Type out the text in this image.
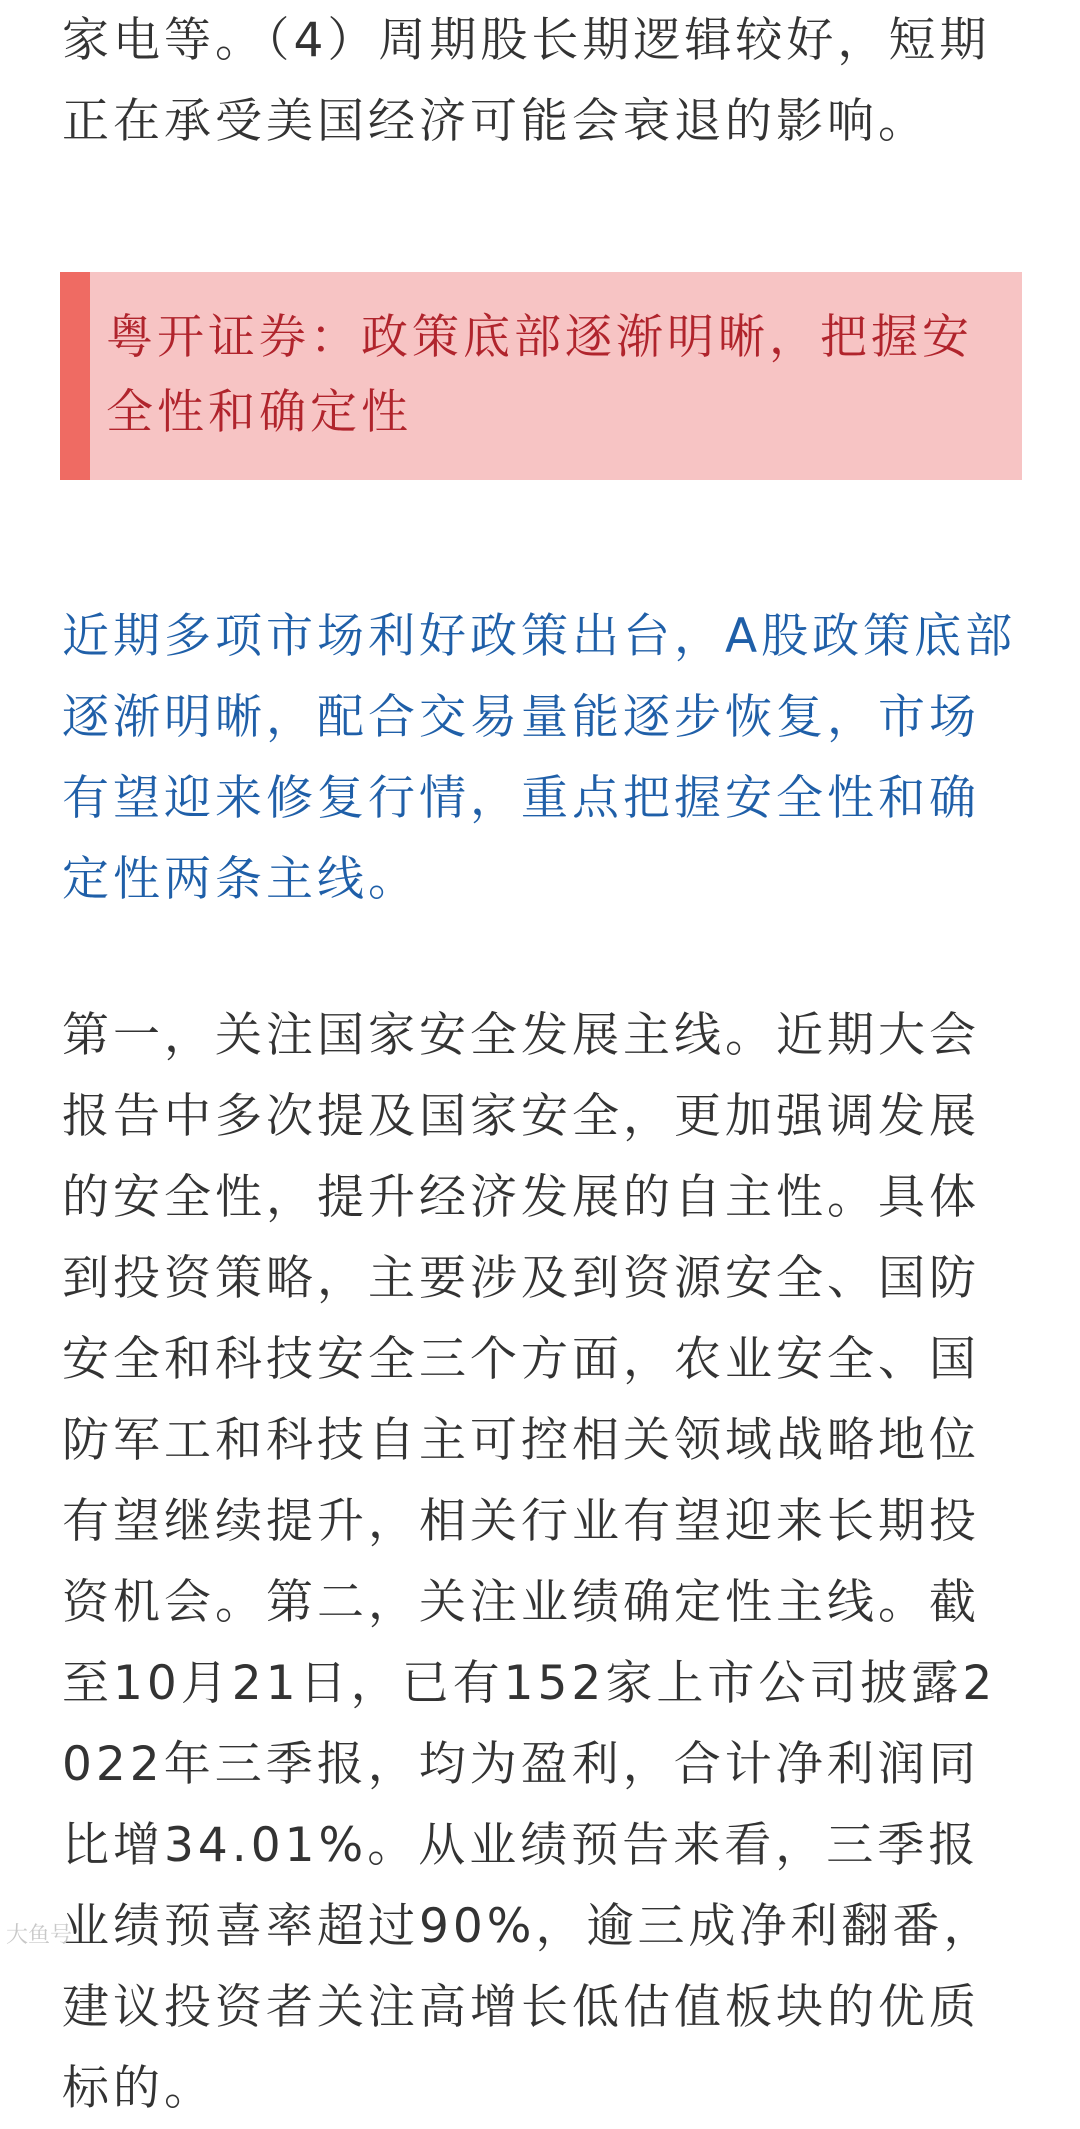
家电等。（4）周期股长期逻辑较好，短期正在承受美国经济可能会衰退的影响。

粤开证券：政策底部逐渐明晰，把握安全性和确定性

近期多项市场利好政策出台，A股政策底部逐渐明晰，配合交易量能逐步恢复，市场有望迎来修复行情，重点把握安全性和确定性两条主线。

第一，关注国家安全发展主线。近期大会报告中多次提及国家安全，更加强调发展的安全性，提升经济发展的自主性。具体到投资策略，主要涉及到资源安全、国防安全和科技安全三个方面，农业安全、国防军工和科技自主可控相关领域战略地位有望继续提升，相关行业有望迎来长期投资机会。第二，关注业绩确定性主线。截至10月21日，已有152家上市公司披露2022年三季报，均为盈利，合计净利润同比增34.01%。从业绩预告来看，三季报业绩预喜率超过90%，逾三成净利翻番，建议投资者关注高增长低估值板块的优质标的。

大鱼号
